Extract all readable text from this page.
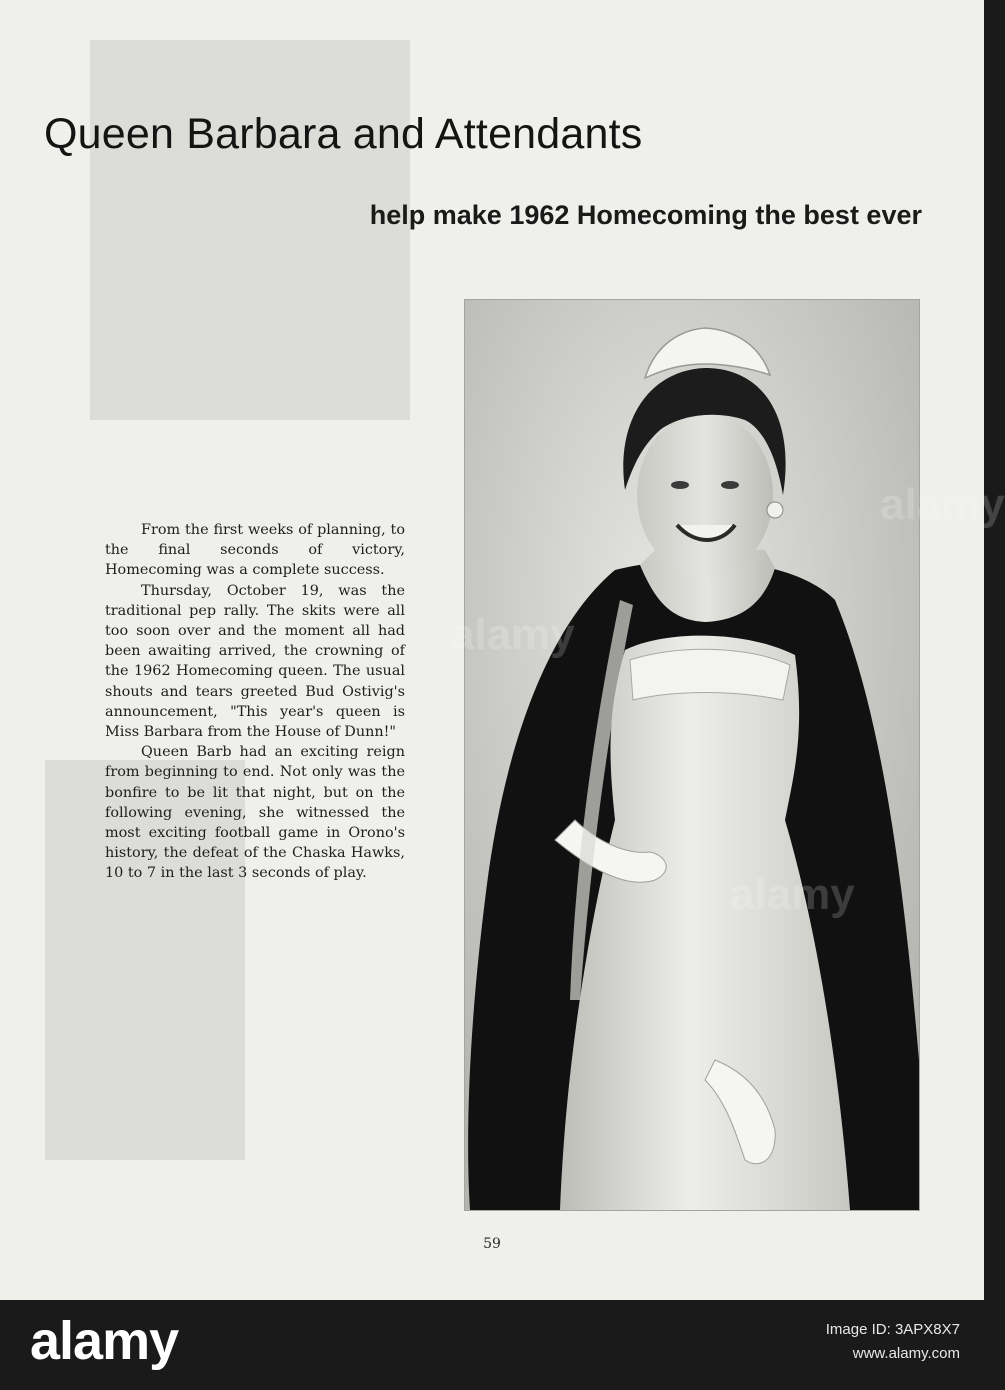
Queen Barbara and Attendants
help make 1962 Homecoming the best ever

From the first weeks of planning, to the final seconds of victory, Homecoming was a complete success.

Thursday, October 19, was the traditional pep rally. The skits were all too soon over and the moment all had been awaiting arrived, the crowning of the 1962 Homecoming queen. The usual shouts and tears greeted Bud Ostivig's announcement, "This year's queen is Miss Barbara from the House of Dunn!"

Queen Barb had an exciting reign from beginning to end. Not only was the bonfire to be lit that night, but on the following evening, she witnessed the most exciting football game in Orono's history, the defeat of the Chaska Hawks, 10 to 7 in the last 3 seconds of play.

59

alamy
alamy
alamy
alamy	Image ID: 3APX8X7
www.alamy.com
